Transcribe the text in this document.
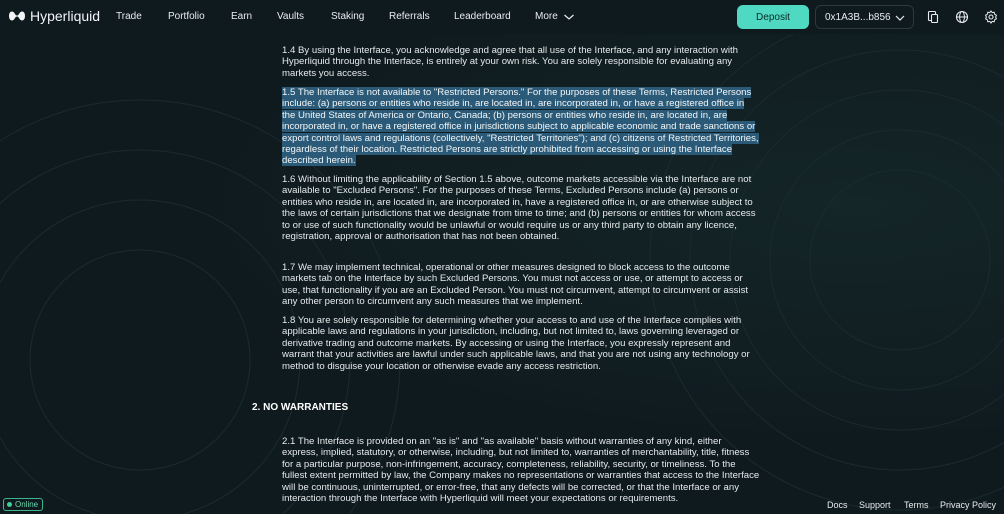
Hyperliquid Trade	Portfolio	Earn Vaults	Staking Referrals Leaderboard More	Deposit	0x1A3B...b856

1.4 By using the Interface, you acknowledge and agree that all use of the Interface, and any interaction with Hyperliquid through the Interface, is entirely at your own risk. You are solely responsible for evaluating any markets you access.

1.5 The Interface is not available to "Restricted Persons." For the purposes of these Terms, Restricted Persons include: (a) persons or entities who reside in, are located in, are incorporated in, or have a registered office in the United States of America or Ontario, Canada; (b) persons or entities who reside in, are located in, are incorporated in, or have a registered office in jurisdictions subject to applicable economic and trade sanctions or export control laws and regulations (collectively, "Restricted Territories"); and (c) citizens of Restricted Territories, regardless of their location. Restricted Persons are strictly prohibited from accessing or using the Interface described herein.

1.6 Without limiting the applicability of Section 1.5 above, outcome markets accessible via the Interface are not available to "Excluded Persons". For the purposes of these Terms, Excluded Persons include (a) persons or entities who reside in, are located in, are incorporated in, have a registered office in, or are otherwise subject to the laws of certain jurisdictions that we designate from time to time; and (b) persons or entities for whom access to or use of such functionality would be unlawful or would require us or any third party to obtain any licence, registration, approval or authorisation that has not been obtained.

1.7 We may implement technical, operational or other measures designed to block access to the outcome markets tab on the Interface by such Excluded Persons. You must not access or use, or attempt to access or use, that functionality if you are an Excluded Person. You must not circumvent, attempt to circumvent or assist any other person to circumvent any such measures that we implement.

1.8 You are solely responsible for determining whether your access to and use of the Interface complies with applicable laws and regulations in your jurisdiction, including, but not limited to, laws governing leveraged or derivative trading and outcome markets. By accessing or using the Interface, you expressly represent and warrant that your activities are lawful under such applicable laws, and that you are not using any technology or method to disguise your location or otherwise evade any access restriction.

2.1 The Interface is provided on an "as is" and "as available" basis without warranties of any kind, either express, implied, statutory, or otherwise, including, but not limited to, warranties of merchantability, title, fitness for a particular purpose, non-infringement, accuracy, completeness, reliability, security, or timeliness. To the fullest extent permitted by law, the Company makes no representations or warranties that access to the Interface will be continuous, uninterrupted, or error-free, that any defects will be corrected, or that the Interface or any interaction through the Interface with Hyperliquid will meet your expectations or requirements.

2. NO WARRANTIES
Online	Docs Support Terms Privacy Policy
